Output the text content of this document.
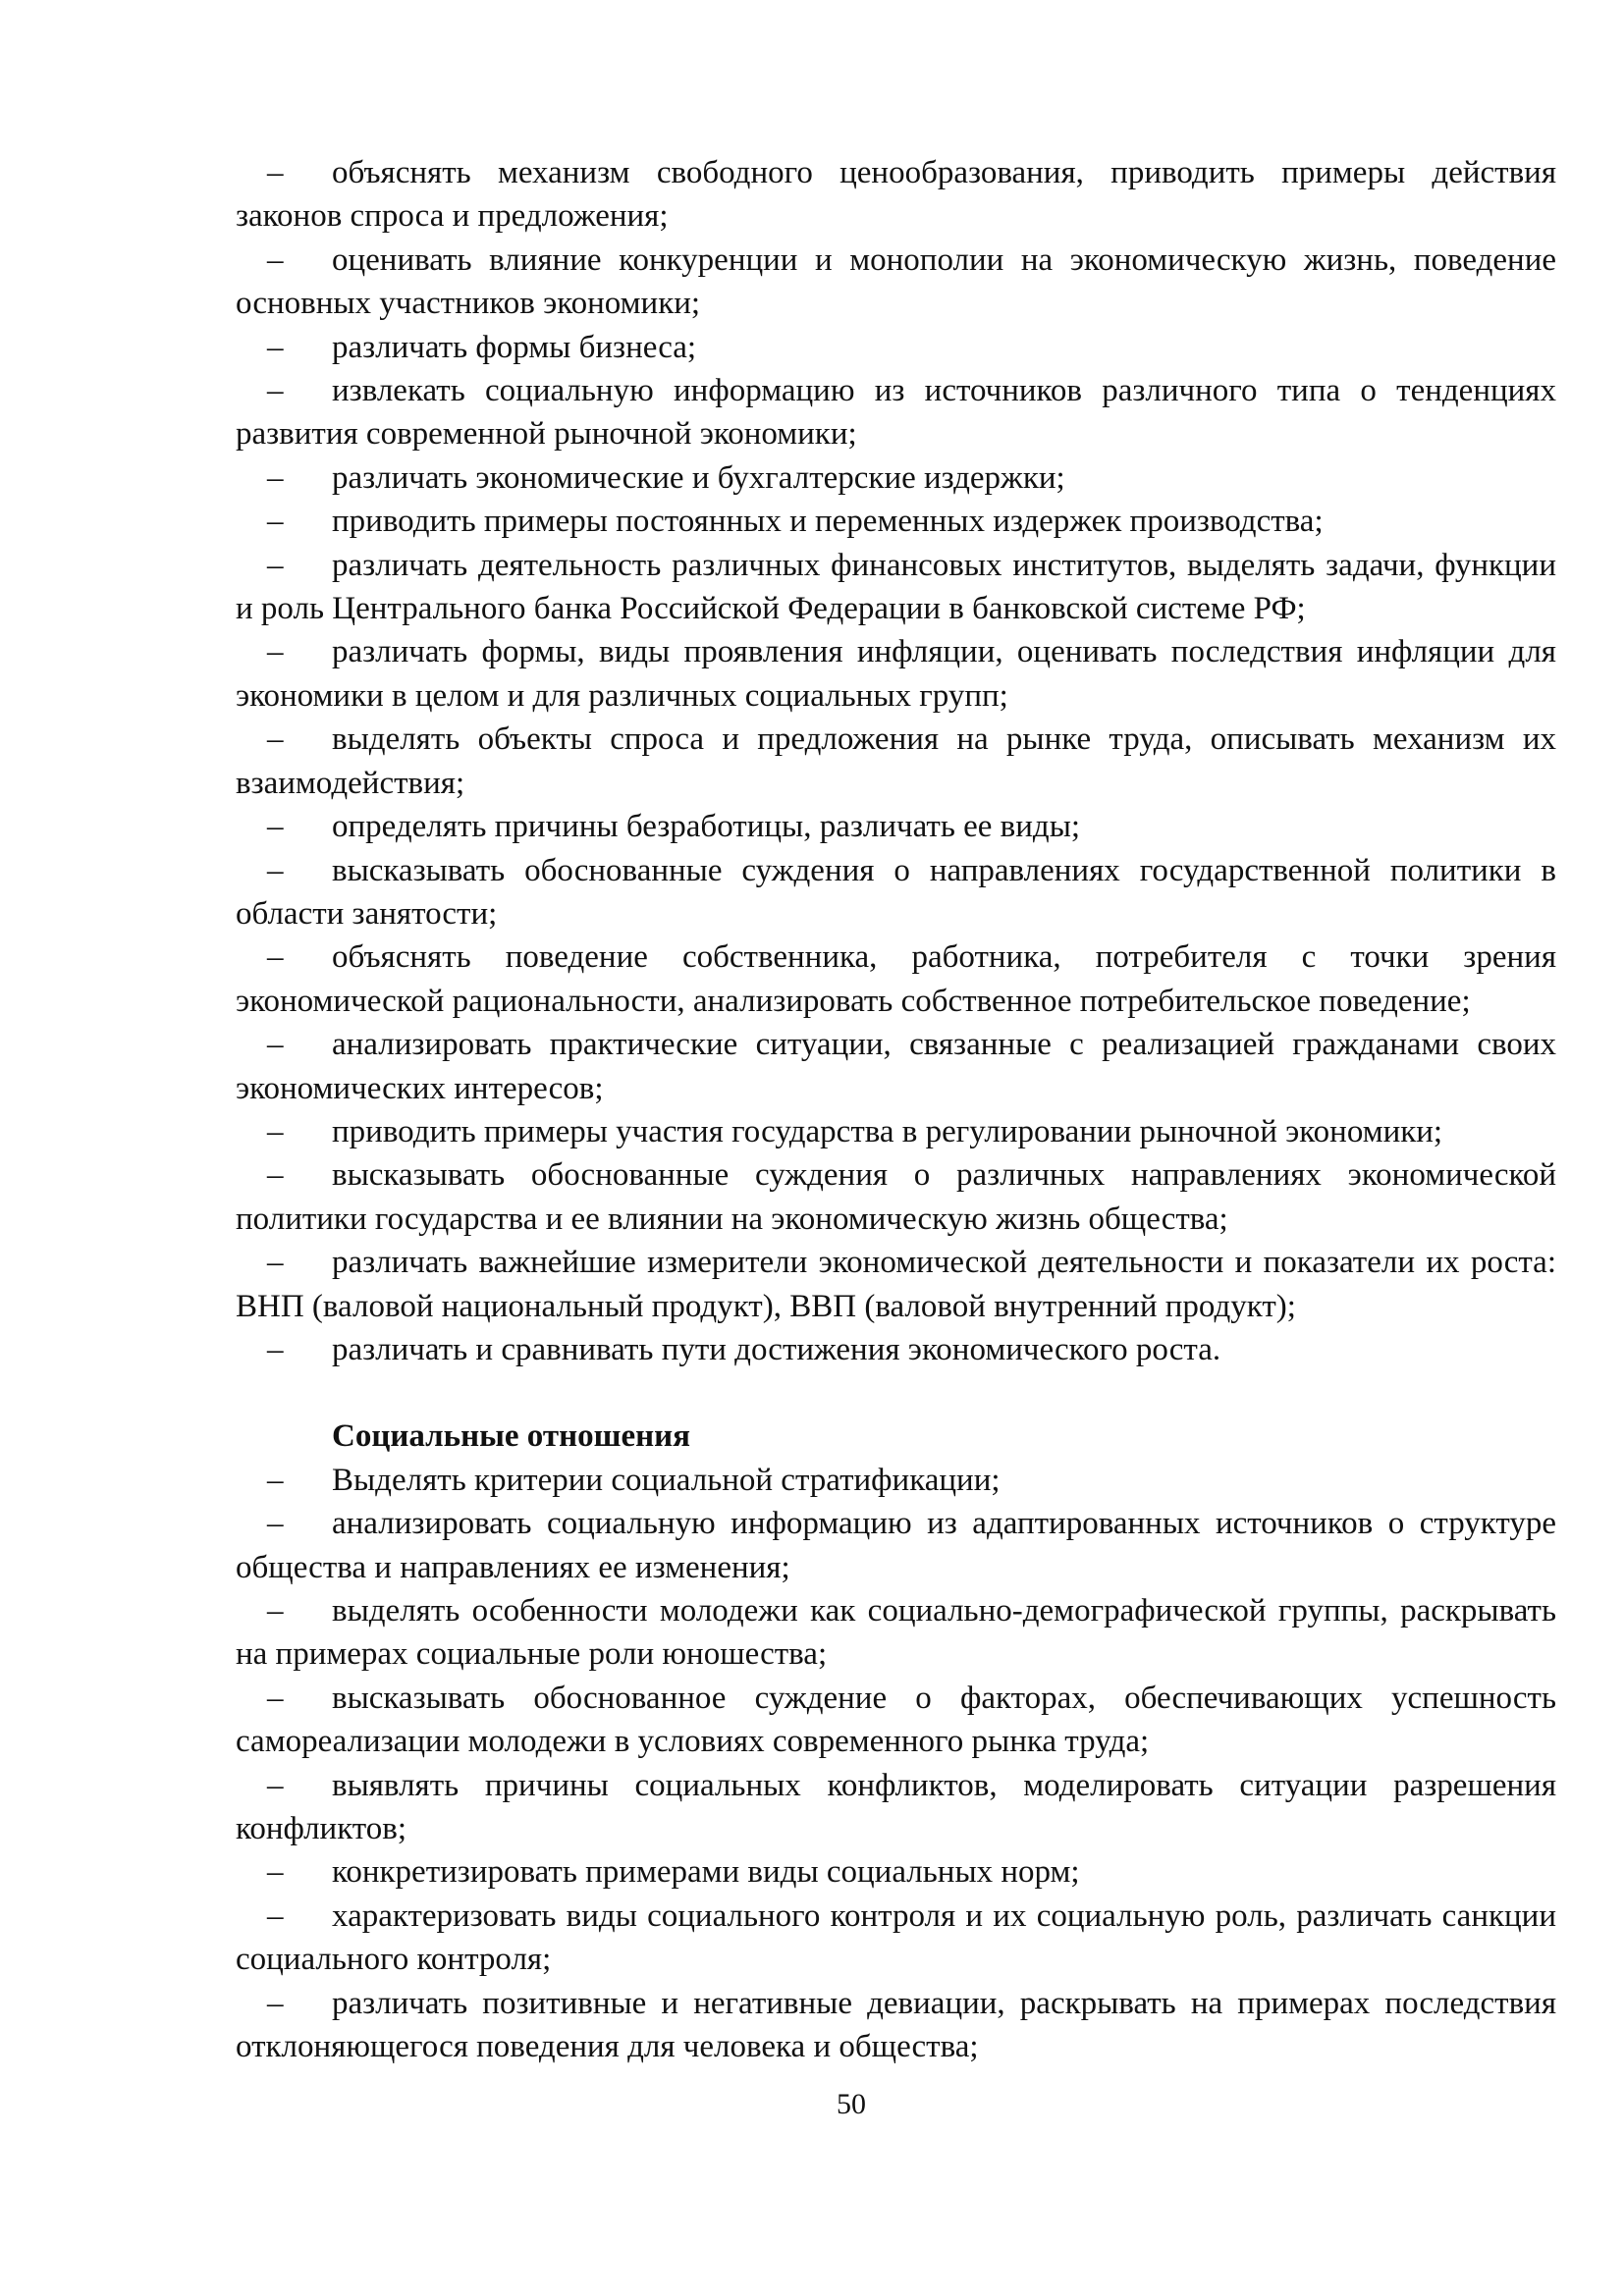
–	объяснять механизм свободного ценообразования, приводить примеры действия законов спроса и предложения;

–	оценивать влияние конкуренции и монополии на экономическую жизнь, поведение основных участников экономики;

–	различать формы бизнеса;

–	извлекать социальную информацию из источников различного типа о тенденциях развития современной рыночной экономики;

–	различать экономические и бухгалтерские издержки;

–	приводить примеры постоянных и переменных издержек производства;

–	различать деятельность различных финансовых институтов, выделять задачи, функции и роль Центрального банка Российской Федерации в банковской системе РФ;

–	различать формы, виды проявления инфляции, оценивать последствия инфляции для экономики в целом и для различных социальных групп;

–	выделять объекты спроса и предложения на рынке труда, описывать механизм их взаимодействия;

–	определять причины безработицы, различать ее виды;

–	высказывать обоснованные суждения о направлениях государственной политики в области занятости;

–	объяснять поведение собственника, работника, потребителя с точки зрения экономической рациональности, анализировать собственное потребительское поведение;

–	анализировать практические ситуации, связанные с реализацией гражданами своих экономических интересов;

–	приводить примеры участия государства в регулировании рыночной экономики;

–	высказывать обоснованные суждения о различных направлениях экономической политики государства и ее влиянии на экономическую жизнь общества;

–	различать важнейшие измерители экономической деятельности и показатели их роста: ВНП (валовой национальный продукт), ВВП (валовой внутренний продукт);

–	различать и сравнивать пути достижения экономического роста.

Социальные отношения

–	Выделять критерии социальной стратификации;

–	анализировать социальную информацию из адаптированных источников о структуре общества и направлениях ее изменения;

–	выделять особенности молодежи как социально-демографической группы, раскрывать на примерах социальные роли юношества;

–	высказывать обоснованное суждение о факторах, обеспечивающих успешность самореализации молодежи в условиях современного рынка труда;

–	выявлять причины социальных конфликтов, моделировать ситуации разрешения конфликтов;

–	конкретизировать примерами виды социальных норм;

–	характеризовать виды социального контроля и их социальную роль, различать санкции социального контроля;

–	различать позитивные и негативные девиации, раскрывать на примерах последствия отклоняющегося поведения для человека и общества;

50
